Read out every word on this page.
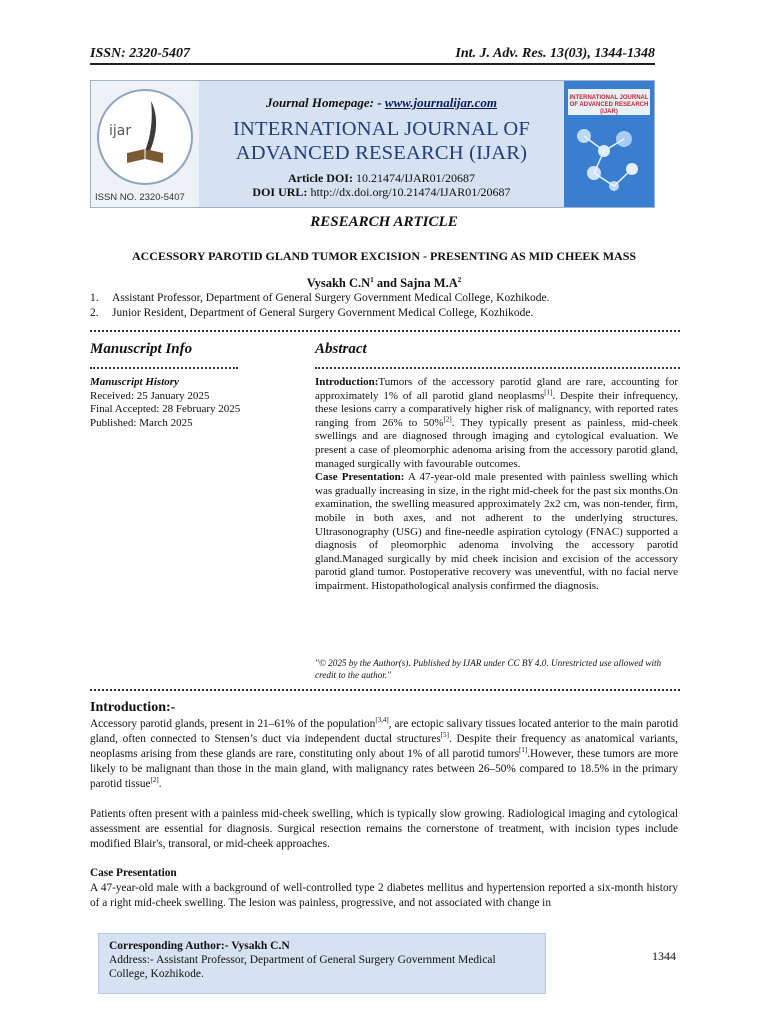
ISSN: 2320-5407	Int. J. Adv. Res. 13(03), 1344-1348
ijar
ISSN NO. 2320-5407
Journal Homepage: - www.journalijar.com
INTERNATIONAL JOURNAL OF
ADVANCED RESEARCH (IJAR)
Article DOI: 10.21474/IJAR01/20687
DOI URL: http://dx.doi.org/10.21474/IJAR01/20687
INTERNATIONAL JOURNAL OF ADVANCED RESEARCH (IJAR)
RESEARCH ARTICLE
ACCESSORY PAROTID GLAND TUMOR EXCISION - PRESENTING AS MID CHEEK MASS
Vysakh $C.N^1$ and Sajna $M.A^2$
1. Assistant Professor, Department of General Surgery Government Medical College, Kozhikode.
2. Junior Resident, Department of General Surgery Government Medical College, Kozhikode.
Manuscript Info	Abstract
Manuscript History
Received: 25 January 2025
Final Accepted: 28 February 2025
Published: March 2025

Introduction:Tumors of the accessory parotid gland are rare, accounting for approximately 1% of all parotid gland neoplasms[1]. Despite their infrequency, these lesions carry a comparatively higher risk of malignancy, with reported rates ranging from 26% to 50%[2]. They typically present as painless, mid-cheek swellings and are diagnosed through imaging and cytological evaluation. We present a case of pleomorphic adenoma arising from the accessory parotid gland, managed surgically with favourable outcomes.

Case Presentation: A 47-year-old male presented with painless swelling which was gradually increasing in size, in the right mid-cheek for the past six months.On examination, the swelling measured approximately 2x2 cm, was non-tender, firm, mobile in both axes, and not adherent to the underlying structures. Ultrasonography (USG) and fine-needle aspiration cytology (FNAC) supported a diagnosis of pleomorphic adenoma involving the accessory parotid gland.Managed surgically by mid cheek incision and excision of the accessory parotid gland tumor. Postoperative recovery was uneventful, with no facial nerve impairment. Histopathological analysis confirmed the diagnosis.

"© 2025 by the Author(s). Published by IJAR under CC BY 4.0. Unrestricted use allowed with credit to the author."
Introduction:-
Accessory parotid glands, present in 21–61% of the population[3,4], are ectopic salivary tissues located anterior to the main parotid gland, often connected to Stensen’s duct via independent ductal structures[5]. Despite their frequency as anatomical variants, neoplasms arising from these glands are rare, constituting only about 1% of all parotid tumors[1].However, these tumors are more likely to be malignant than those in the main gland, with malignancy rates between 26–50% compared to 18.5% in the primary parotid tissue[2].
Patients often present with a painless mid-cheek swelling, which is typically slow growing. Radiological imaging and cytological assessment are essential for diagnosis. Surgical resection remains the cornerstone of treatment, with incision types include modified Blair's, transoral, or mid-cheek approaches.
Case Presentation
A 47-year-old male with a background of well-controlled type 2 diabetes mellitus and hypertension reported a six-month history of a right mid-cheek swelling. The lesion was painless, progressive, and not associated with change in
Corresponding Author:- Vysakh C.N
Address:- Assistant Professor, Department of General Surgery Government Medical College, Kozhikode.
1344
